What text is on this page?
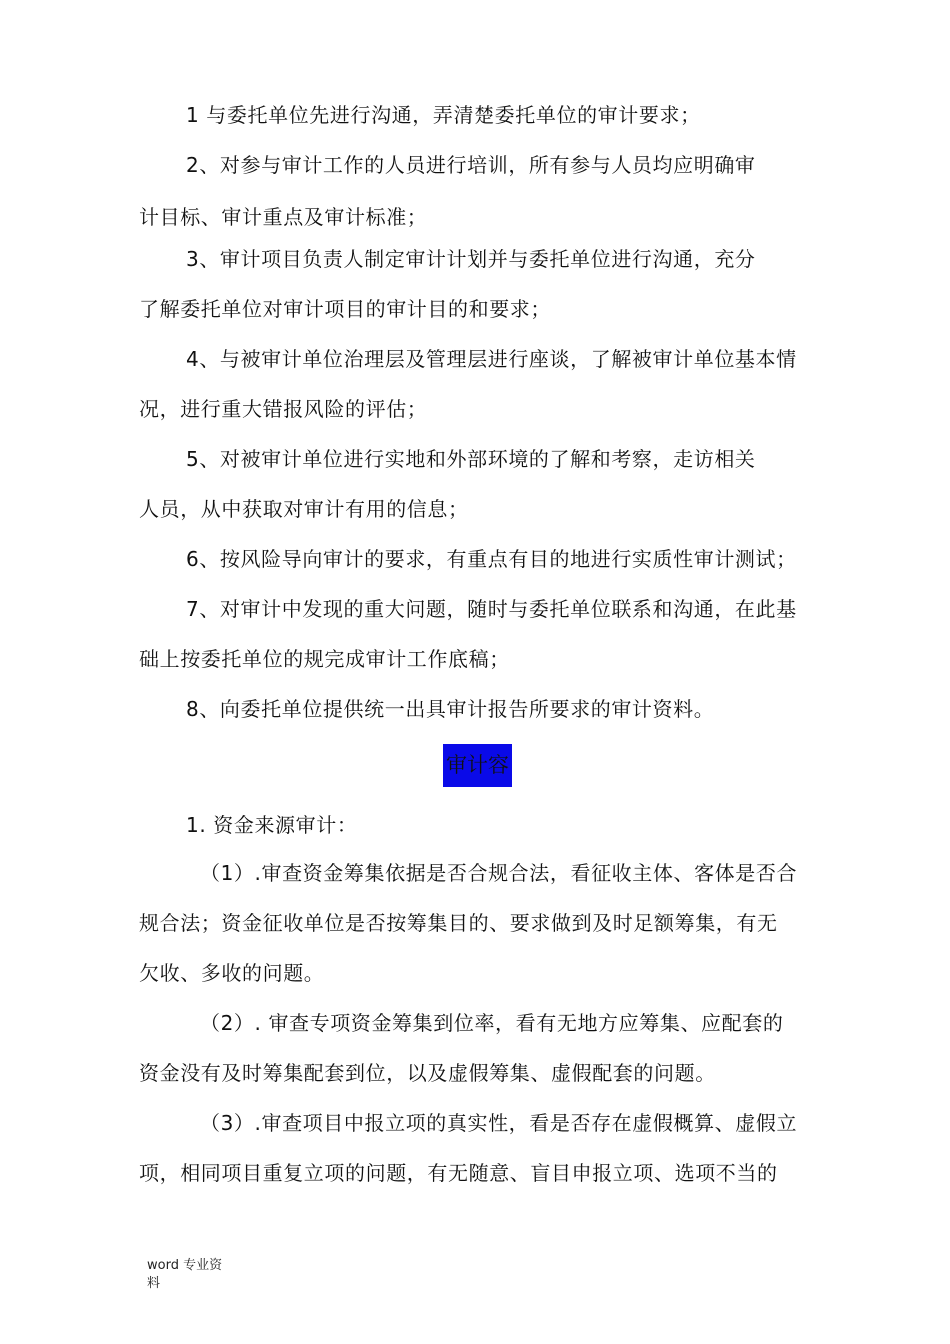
1 与委托单位先进行沟通，弄清楚委托单位的审计要求；
2、对参与审计工作的人员进行培训，所有参与人员均应明确审
计目标、审计重点及审计标准；
3、审计项目负责人制定审计计划并与委托单位进行沟通，充分
了解委托单位对审计项目的审计目的和要求；
4、与被审计单位治理层及管理层进行座谈，了解被审计单位基本情
况，进行重大错报风险的评估；
5、对被审计单位进行实地和外部环境的了解和考察，走访相关
人员，从中获取对审计有用的信息；
6、按风险导向审计的要求，有重点有目的地进行实质性审计测试；
7、对审计中发现的重大问题，随时与委托单位联系和沟通，在此基
础上按委托单位的规完成审计工作底稿；
8、向委托单位提供统一出具审计报告所要求的审计资料。
审计容
1. 资金来源审计：
（1）.审查资金筹集依据是否合规合法，看征收主体、客体是否合
规合法；资金征收单位是否按筹集目的、要求做到及时足额筹集，有无
欠收、多收的问题。
（2）. 审查专项资金筹集到位率，看有无地方应筹集、应配套的
资金没有及时筹集配套到位，以及虚假筹集、虚假配套的问题。
（3）.审查项目中报立项的真实性，看是否存在虚假概算、虚假立
项，相同项目重复立项的问题，有无随意、盲目申报立项、选项不当的
word 专业资
料
